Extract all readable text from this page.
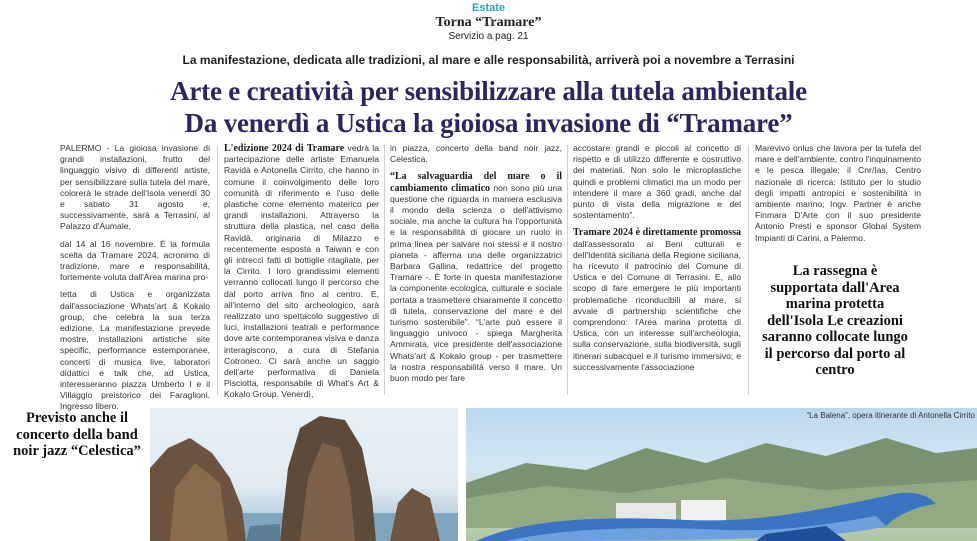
Estate
Torna “Tramare”
Servizio a pag. 21
La manifestazione, dedicata alle tradizioni, al mare e alle responsabilità, arriverà poi a novembre a Terrasini
Arte e creatività per sensibilizzare alla tutela ambientale
Da venerdì a Ustica la gioiosa invasione di “Tramare”

PALERMO - La gioiosa invasione di grandi installazioni, frutto del linguaggio visivo di differenti artiste, per sensibilizzare sulla tutela del mare, colorerà le strade dell'Isola venerdì 30 e sabato 31 agosto e, successivamente, sarà a Terrasini, al Palazzo d'Aumale,

dal 14 al 16 novembre. È la formula scelta da Tramare 2024, acronimo di tradizione, mare e responsabilità, fortemente voluta dall'Area marina pro-

tetta di Ustica e organizzata dall'associazione Whats'art & Kokalo group, che celebra la sua terza edizione. La manifestazione prevede mostre, installazioni artistiche site specific, performance estemporanee, concerti di musica live, laboratori didattici e talk che, ad Ustica, interesseranno piazza Umberto I e il Villaggio preistorico dei Faraglioni. Ingresso libero.

L'edizione 2024 di Tramare vedrà la partecipazione delle artiste Emanuela Ravidà e Antonella Cirrito, che hanno in comune il coinvolgimento delle loro comunità di riferimento e l'uso delle plastiche come elemento materico per grandi installazioni. Attraverso la struttura della plastica, nel caso della Ravidà, originaria di Milazzo e recentemente esposta a Taiwan e con gli intrecci fatti di bottiglie ritagliate, per la Cirrito. I loro grandissimi elementi verranno collocati lungo il percorso che dal porto arriva fino al centro. E, all'interno del sito archeologico, sarà realizzato uno spettacolo suggestivo di luci, installazioni teatrali e performance dove arte contemporanea visiva e danza interagiscono, a cura di Stefania Cotroneo. Ci sarà anche un saggio dell'arte performativa di Daniela Pisciotta, responsabile di What's Art & Kokalo Group. Venerdì,

in piazza, concerto della band noir jazz, Celestica.

“La salvaguardia del mare o il cambiamento climatico non sono più una questione che riguarda in maniera esclusiva il mondo della scienza o dell'attivismo sociale, ma anche la cultura ha l'opportunità e la responsabilità di giocare un ruolo in prima linea per salvare noi stessi e il nostro pianeta - afferma una delle organizzatrici Barbara Gallina, redattrice del progetto Tramare -. È forte in questa manifestazione la componente ecologica, culturale e sociale portata a trasmettere chiaramente il concetto di tutela, conservazione del mare e del turismo sostenibile”. “L'arte può essere il linguaggio univoco - spiega Margherita Ammirata, vice presidente dell'associazione Whats'art & Kokalo group - per trasmettere la nostra responsabilità verso il mare. Un buon modo per fare

accostare grandi e piccoli al concetto di rispetto e di utilizzo differente e costruttivo dei materiali. Non solo le microplastiche quindi e problemi climatici ma un modo per intendere il mare a 360 gradi, anche dal punto di vista della migrazione e del sostentamento”.

Tramare 2024 è direttamente promossa dall'assessorato ai Beni culturali e dell'Identità siciliana della Regione siciliana, ha ricevuto il patrocinio del Comune di Ustica e del Comune di Terrasini. E, allo scopo di fare emergere le più importanti problematiche riconducibili al mare, si avvale di partnership scientifiche che comprendono: l'Area marina protetta di Ustica, con un interesse sull'archeologia, sulla conservazione, sulla biodiversità, sugli itinerari subacquei e il turismo immersivo; e successivamente l'associazione

Marevivo onlus che lavora per la tutela del mare e dell'ambiente, contro l'inquinamento e le pesca illegale; il Cnr/Ias, Centro nazionale di ricerca: Istituto per lo studio degli impatti antropici e sostenibilità in ambiente marino; Ingv. Partner è anche Finmara D'Arte con il suo presidente Antonio Presti e sponsor Global System Impianti di Carini, a Palermo.

La rassegna è supportata dall'Area marina protetta dell'Isola Le creazioni saranno collocate lungo il percorso dal porto al centro
Previsto anche il concerto della band noir jazz “Celestica”
“La Balena”, opera itinerante di Antonella Cirrito
